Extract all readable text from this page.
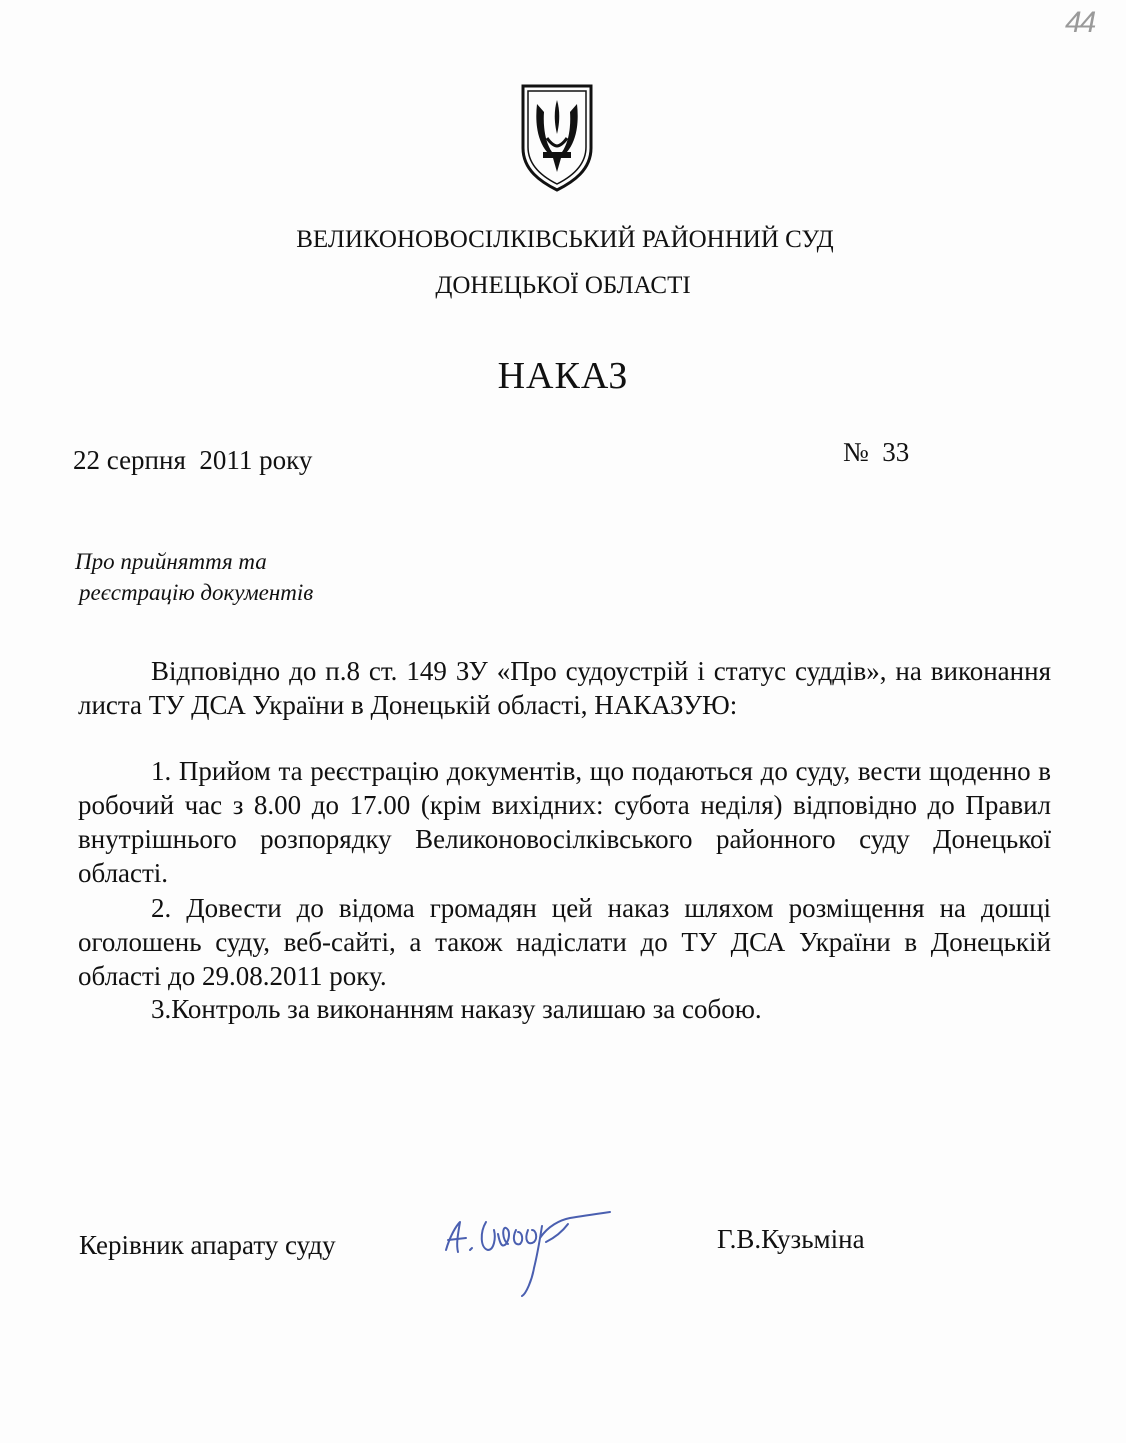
44
ВЕЛИКОНОВОСІЛКІВСЬКИЙ РАЙОННИЙ СУД
ДОНЕЦЬКОЇ ОБЛАСТІ
НАКАЗ
22 серпня  2011 року	№  33
Про прийняття та
реєстрацію документів
Відповідно до п.8 ст. 149 ЗУ «Про судоустрій і статус суддів», на виконання листа ТУ ДСА України в Донецькій області, НАКАЗУЮ:
1. Прийом та реєстрацію документів, що подаються до суду, вести щоденно в робочий час з 8.00 до 17.00 (крім вихідних: субота неділя) відповідно до Правил внутрішнього розпорядку Великоновосілківського районного суду Донецької області.
2. Довести до відома громадян цей наказ шляхом розміщення на дошці оголошень суду, веб-сайті, а також надіслати до ТУ ДСА України в Донецькій області до 29.08.2011 року.
3.Контроль за виконанням наказу залишаю за собою.
Керівник апарату суду	Г.В.Кузьміна
